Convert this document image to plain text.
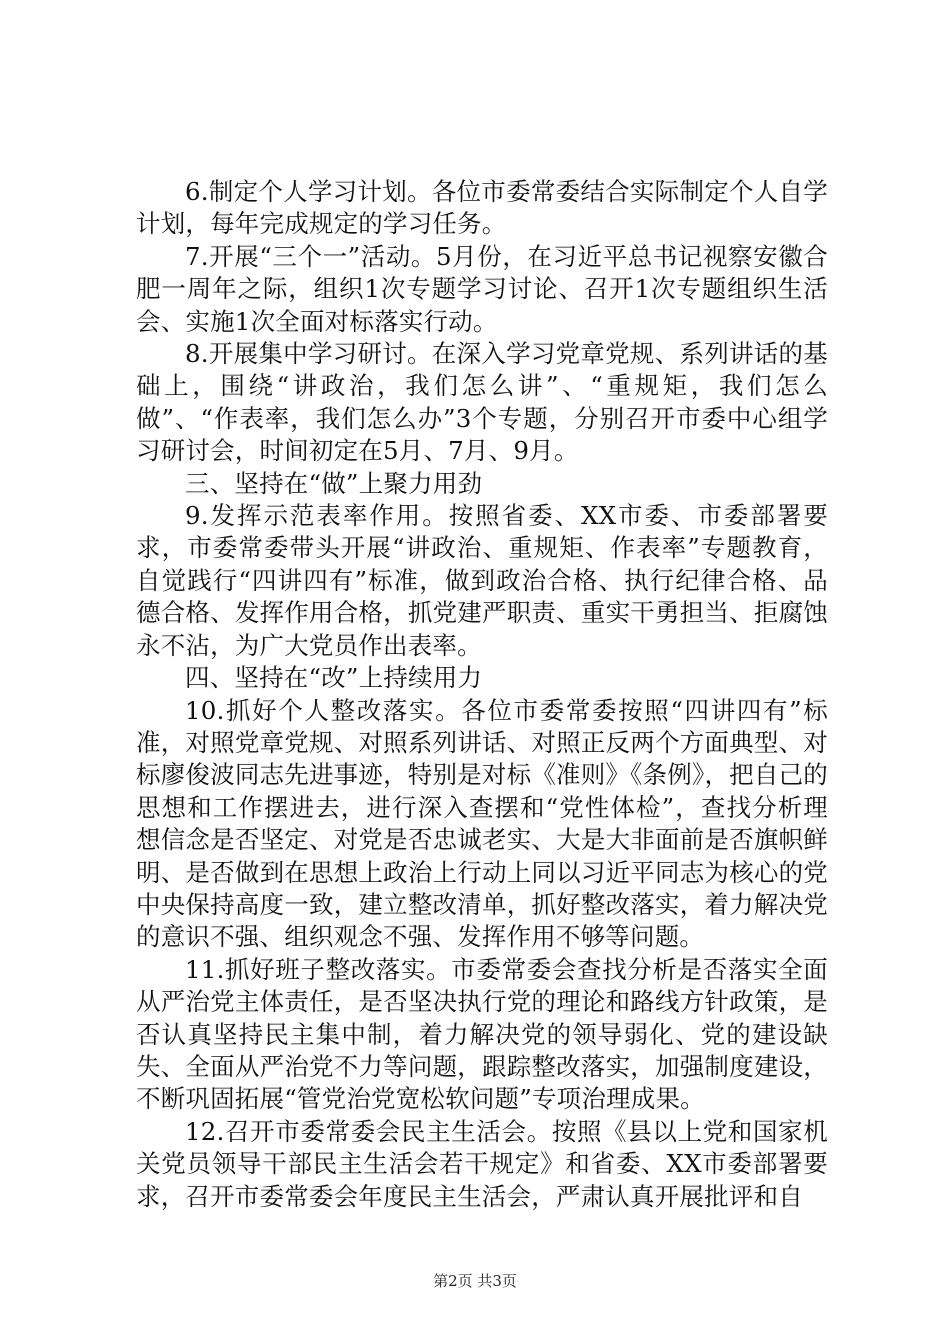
6.制定个人学习计划。各位市委常委结合实际制定个人自学计划，每年完成规定的学习任务。

7.开展“三个一”活动。5月份，在习近平总书记视察安徽合肥一周年之际，组织1次专题学习讨论、召开1次专题组织生活会、实施1次全面对标落实行动。

8.开展集中学习研讨。在深入学习党章党规、系列讲话的基础上，围绕“讲政治，我们怎么讲”、“重规矩，我们怎么做”、“作表率，我们怎么办”3个专题，分别召开市委中心组学习研讨会，时间初定在5月、7月、9月。

三、坚持在“做”上聚力用劲

9.发挥示范表率作用。按照省委、XX市委、市委部署要求，市委常委带头开展“讲政治、重规矩、作表率”专题教育，自觉践行“四讲四有”标准，做到政治合格、执行纪律合格、品德合格、发挥作用合格，抓党建严职责、重实干勇担当、拒腐蚀永不沾，为广大党员作出表率。

四、坚持在“改”上持续用力

10.抓好个人整改落实。各位市委常委按照“四讲四有”标准，对照党章党规、对照系列讲话、对照正反两个方面典型、对标廖俊波同志先进事迹，特别是对标《准则》《条例》，把自己的思想和工作摆进去，进行深入查摆和“党性体检”，查找分析理想信念是否坚定、对党是否忠诚老实、大是大非面前是否旗帜鲜明、是否做到在思想上政治上行动上同以习近平同志为核心的党中央保持高度一致，建立整改清单，抓好整改落实，着力解决党的意识不强、组织观念不强、发挥作用不够等问题。

11.抓好班子整改落实。市委常委会查找分析是否落实全面从严治党主体责任，是否坚决执行党的理论和路线方针政策，是否认真坚持民主集中制，着力解决党的领导弱化、党的建设缺失、全面从严治党不力等问题，跟踪整改落实，加强制度建设，不断巩固拓展“管党治党宽松软问题”专项治理成果。

12.召开市委常委会民主生活会。按照《县以上党和国家机关党员领导干部民主生活会若干规定》和省委、XX市委部署要求，召开市委常委会年度民主生活会，严肃认真开展批评和自

第2页 共3页
